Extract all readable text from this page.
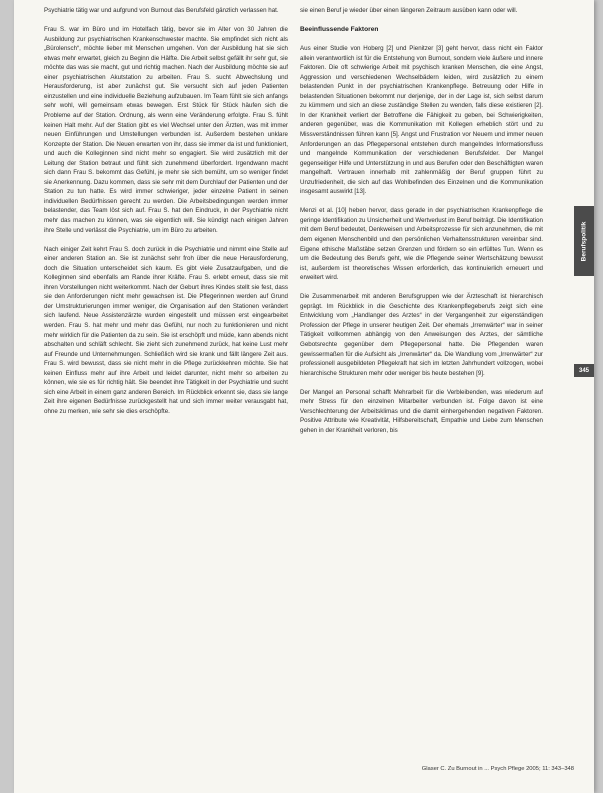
Psychiatrie tätig war und aufgrund von Burnout das Berufsfeld gänzlich verlassen hat.

Frau S. war im Büro und im Hotelfach tätig, bevor sie im Alter von 30 Jahren die Ausbildung zur psychiatrischen Krankenschwester machte. Sie empfindet sich nicht als „Bürolensch“, möchte lieber mit Menschen umgehen. Von der Ausbildung hat sie sich etwas mehr erwartet, gleich zu Beginn die Hälfte. Die Arbeit selbst gefällt ihr sehr gut, sie möchte das was sie macht, gut und richtig machen. Nach der Ausbildung möchte sie auf einer psychiatrischen Akutstation zu arbeiten. Frau S. sucht Abwechslung und Herausforderung, ist aber zunächst gut. Sie versucht sich auf jeden Patienten einzustellen und eine individuelle Beziehung aufzubauen. Im Team fühlt sie sich anfangs sehr wohl, will gemeinsam etwas bewegen. Erst Stück für Stück häufen sich die Probleme auf der Station. Ordnung, als wenn eine Veränderung erfolgte. Frau S. fühlt keinen Halt mehr. Auf der Station gibt es viel Wechsel unter den Ärzten, was mit immer neuen Einführungen und Umstellungen verbunden ist. Außerdem bestehen unklare Konzepte der Station. Die Neuen erwarten von ihr, dass sie immer da ist und funktioniert, und auch die Kolleginnen sind nicht mehr so engagiert. Sie wird zusätzlich mit der Leitung der Station betraut und fühlt sich zunehmend überfordert. Irgendwann macht sich dann Frau S. bekommt das Gefühl, je mehr sie sich bemüht, um so weniger findet sie Anerkennung. Dazu kommen, dass sie sehr mit dem Durchlauf der Patienten und der Station zu tun hatte. Es wird immer schwieriger, jeder einzelne Patient in seinen individuellen Bedürfnissen gerecht zu werden. Die Arbeitsbedingungen werden immer belastender, das Team löst sich auf. Frau S. hat den Eindruck, in der Psychiatrie nicht mehr das machen zu können, was sie eigentlich will. Sie kündigt nach einigen Jahren ihre Stelle und verlässt die Psychiatrie, um im Büro zu arbeiten.

Nach einiger Zeit kehrt Frau S. doch zurück in die Psychiatrie und nimmt eine Stelle auf einer anderen Station an. Sie ist zunächst sehr froh über die neue Herausforderung, doch die Situation unterscheidet sich kaum. Es gibt viele Zusatzaufgaben, und die Kolleginnen sind ebenfalls am Rande ihrer Kräfte. Frau S. erlebt erneut, dass sie mit ihren Vorstellungen nicht weiterkommt. Nach der Geburt ihres Kindes stellt sie fest, dass sie den Anforderungen nicht mehr gewachsen ist. Die Pflegerinnen werden auf Grund der Umstrukturierungen immer weniger, die Organisation auf den Stationen verändert sich laufend. Neue Assistenzärzte wurden eingestellt und müssen erst eingearbeitet werden. Frau S. hat mehr und mehr das Gefühl, nur noch zu funktionieren und nicht mehr wirklich für die Patienten da zu sein. Sie ist erschöpft und müde, kann abends nicht abschalten und schläft schlecht. Sie zieht sich zunehmend zurück, hat keine Lust mehr auf Freunde und Unternehmungen. Schließlich wird sie krank und fällt längere Zeit aus. Frau S. wird bewusst, dass sie nicht mehr in die Pflege zurückkehren möchte. Sie hat keinen Einfluss mehr auf ihre Arbeit und leidet darunter, nicht mehr so arbeiten zu können, wie sie es für richtig hält. Sie beendet ihre Tätigkeit in der Psychiatrie und sucht sich eine Arbeit in einem ganz anderen Bereich. Im Rückblick erkennt sie, dass sie lange Zeit ihre eigenen Bedürfnisse zurückgestellt hat und sich immer weiter verausgabt hat, ohne zu merken, wie sehr sie dies erschöpfte.

sie einen Beruf je wieder über einen längeren Zeitraum ausüben kann oder will.

Beeinflussende Faktoren

Aus einer Studie von Hoberg [2] und Pienitzer [3] geht hervor, dass nicht ein Faktor allein verantwortlich ist für die Entstehung von Burnout, sondern viele äußere und innere Faktoren. Die oft schwierige Arbeit mit psychisch kranken Menschen, die eine Angst, Aggression und verschiedenen Wechselbädern leiden, wird zusätzlich zu einem belastenden Punkt in der psychiatrischen Krankenpflege. Betreuung oder Hilfe in belastenden Situationen bekommt nur derjenige, der in der Lage ist, sich selbst darum zu kümmern und sich an diese zuständige Stellen zu wenden, falls diese existieren [2]. In der Krankheit verliert der Betroffene die Fähigkeit zu geben, bei Schwierigkeiten, anderen gegenüber, was die Kommunikation mit Kollegen erheblich stört und zu Missverständnissen führen kann [5]. Angst und Frustration vor Neuem und immer neuen Anforderungen an das Pflegepersonal entstehen durch mangelndes Informationsfluss und mangelnde Kommunikation der verschiedenen Berufsfelder. Der Mangel gegenseitiger Hilfe und Unterstützung in und aus Berufen oder den Beschäftigten waren mangelhaft. Vertrauen innerhalb mit zahlenmäßig der Beruf gruppen führt zu Unzufriedenheit, die sich auf das Wohlbefinden des Einzelnen und die Kommunikation insgesamt auswirkt [13].

Menzi et al. [10] heben hervor, dass gerade in der psychiatrischen Krankenpflege die geringe Identifikation zu Unsicherheit und Wertverlust im Beruf beiträgt. Die Identifikation mit dem Beruf bedeutet, Denkweisen und Arbeitsprozesse für sich anzunehmen, die mit dem eigenen Menschenbild und den persönlichen Verhaltensstrukturen vereinbar sind. Eigene ethische Maßstäbe setzen Grenzen und fördern so ein erfülltes Tun. Wenn es um die Bedeutung des Berufs geht, wie die Pflegende seiner Wertschätzung bewusst ist, außerdem ist theoretisches Wissen erforderlich, das kontinuierlich erneuert und erweitert wird.

Die Zusammenarbeit mit anderen Berufsgruppen wie der Ärzteschaft ist hierarchisch geprägt. Im Rückblick in die Geschichte des Krankenpflegeberufs zeigt sich eine Entwicklung vom „Handlanger des Arztes“ in der Vergangenheit zur eigenständigen Profession der Pflege in unserer heutigen Zeit. Der ehemals „Irrenwärter“ war in seiner Tätigkeit vollkommen abhängig von den Anweisungen des Arztes, der sämtliche Gebotsrechte gegenüber dem Pflegepersonal hatte. Die Pflegenden waren gewissermaßen für die Aufsicht als „Irrenwärter“ da. Die Wandlung vom „Irrenwärter“ zur professionell ausgebildeten Pflegekraft hat sich im letzten Jahrhundert vollzogen, wobei hierarchische Strukturen mehr oder weniger bis heute bestehen [9].

Der Mangel an Personal schafft Mehrarbeit für die Verbleibenden, was wiederum auf mehr Stress für den einzelnen Mitarbeiter verbunden ist. Folge davon ist eine Verschlechterung der Arbeitsklimas und die damit einhergehenden negativen Faktoren. Positive Attribute wie Kreativität, Hilfsbereitschaft, Empathie und Liebe zum Menschen gehen in der Krankheit verloren, bis

Berufspolitik
345
Glaser C. Zu Burnout in ... Psych Pflege 2005; 11: 343–348
